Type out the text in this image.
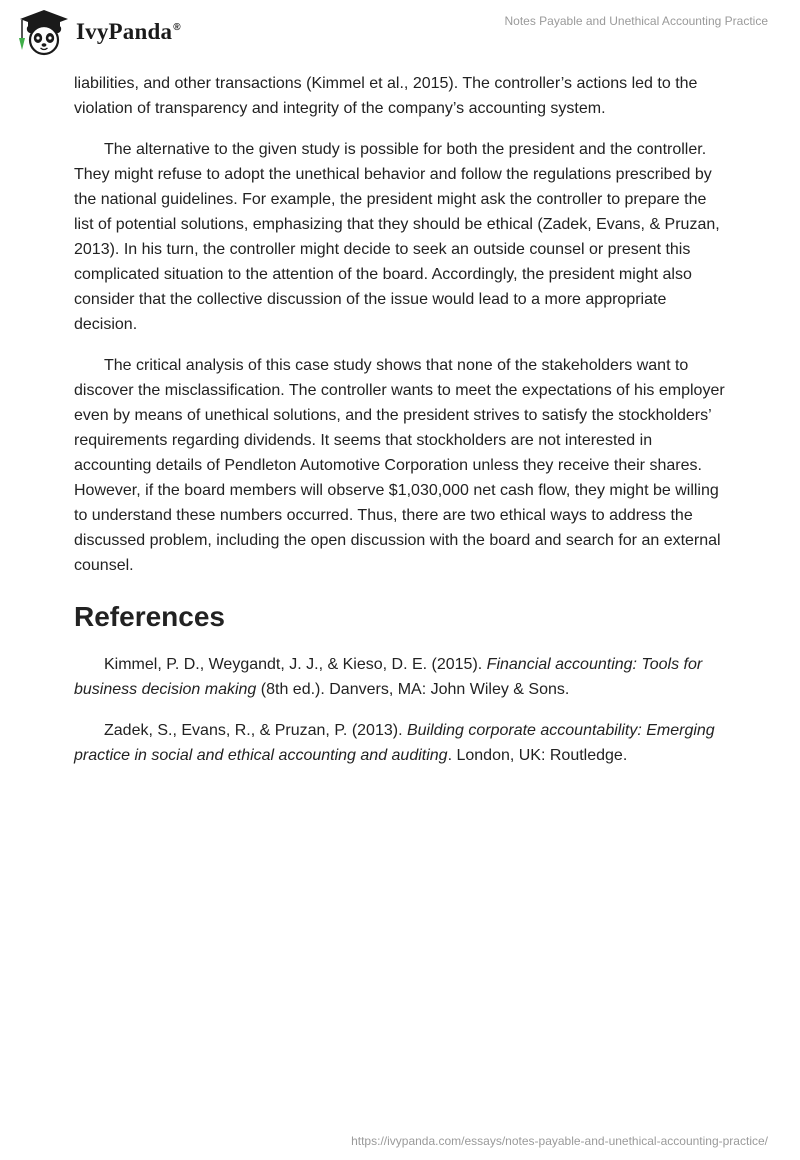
IvyPanda®	Notes Payable and Unethical Accounting Practice

liabilities, and other transactions (Kimmel et al., 2015). The controller’s actions led to the violation of transparency and integrity of the company’s accounting system.

The alternative to the given study is possible for both the president and the controller. They might refuse to adopt the unethical behavior and follow the regulations prescribed by the national guidelines. For example, the president might ask the controller to prepare the list of potential solutions, emphasizing that they should be ethical (Zadek, Evans, & Pruzan, 2013). In his turn, the controller might decide to seek an outside counsel or present this complicated situation to the attention of the board. Accordingly, the president might also consider that the collective discussion of the issue would lead to a more appropriate decision.

The critical analysis of this case study shows that none of the stakeholders want to discover the misclassification. The controller wants to meet the expectations of his employer even by means of unethical solutions, and the president strives to satisfy the stockholders’ requirements regarding dividends. It seems that stockholders are not interested in accounting details of Pendleton Automotive Corporation unless they receive their shares. However, if the board members will observe $1,030,000 net cash flow, they might be willing to understand these numbers occurred. Thus, there are two ethical ways to address the discussed problem, including the open discussion with the board and search for an external counsel.

References

Kimmel, P. D., Weygandt, J. J., & Kieso, D. E. (2015). Financial accounting: Tools for business decision making (8th ed.). Danvers, MA: John Wiley & Sons.

Zadek, S., Evans, R., & Pruzan, P. (2013). Building corporate accountability: Emerging practice in social and ethical accounting and auditing. London, UK: Routledge.

https://ivypanda.com/essays/notes-payable-and-unethical-accounting-practice/
